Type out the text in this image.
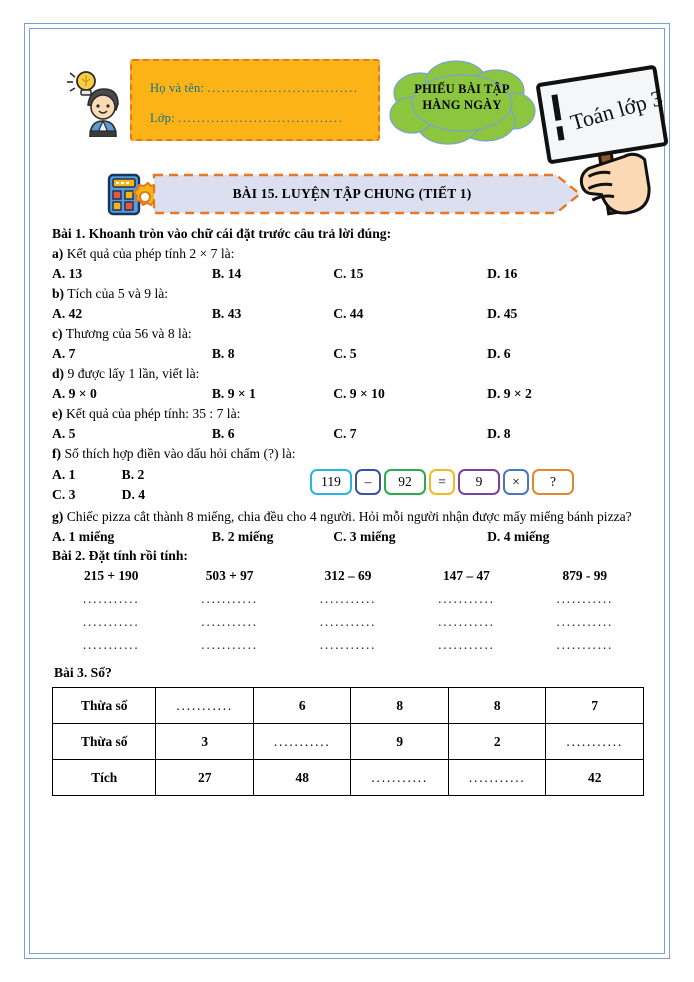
Họ và tên: ................................
Lớp: ...................................
PHIẾU BÀI TẬP
HÀNG NGÀY	Toán lớp 3
BÀI 15. LUYỆN TẬP CHUNG (TIẾT 1)
Bài 1. Khoanh tròn vào chữ cái đặt trước câu trả lời đúng:
a) Kết quả của phép tính 2 × 7 là:
A. 13	B. 14	C. 15	D. 16
b) Tích của 5 và 9 là:
A. 42	B. 43	C. 44	D. 45
c) Thương của 56 và 8 là:
A. 7	B. 8	C. 5	D. 6
d) 9 được lấy 1 lần, viết là:
A. 9 × 0	B. 9 × 1	C. 9 × 10	D. 9 × 2
e) Kết quả của phép tính: 35 : 7 là:
A. 5	B. 6	C. 7	D. 8
f) Số thích hợp điền vào dấu hỏi chấm (?) là:
A. 1	B. 2
C. 3	D. 4
119	–	92	=	9	×	?
g) Chiếc pizza cắt thành 8 miếng, chia đều cho 4 người. Hỏi mỗi người nhận được mấy miếng bánh pizza?
A. 1 miếng	B. 2 miếng	C. 3 miếng	D. 4 miếng
Bài 2. Đặt tính rồi tính:
215 + 190	503 + 97	312 – 69	147 – 47	879 - 99
...........	...........	...........	...........	...........
...........	...........	...........	...........	...........
...........	...........	...........	...........	...........
Bài 3. Số?
Thừa số	...........	6	8	8	7
Thừa số	3	...........	9	2	...........
Tích	27	48	...........	...........	42
